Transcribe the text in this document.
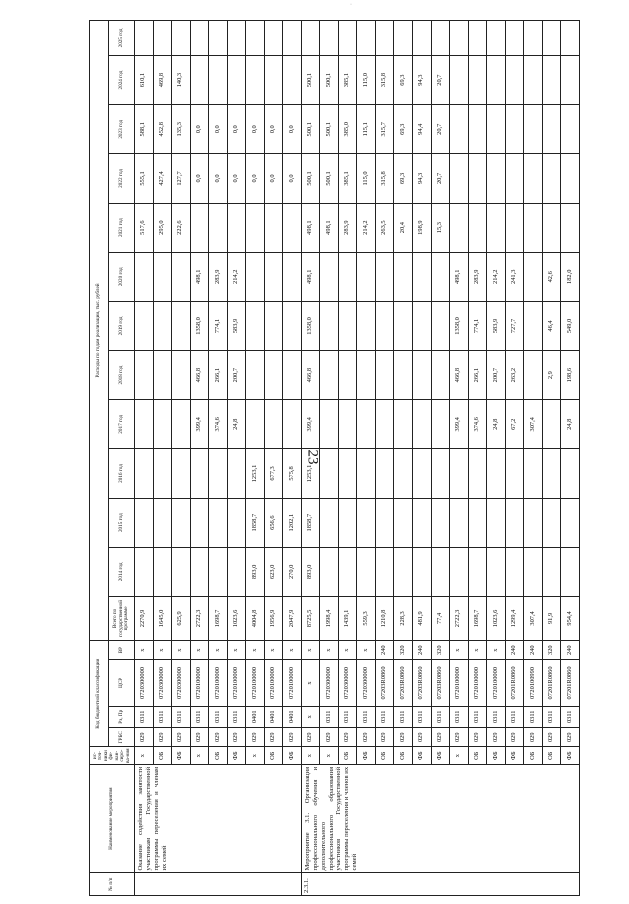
23
·
№ п/п	Наименование мероприятия	ис-точ-ники фи-нан-сиро-ва-ния	Код бюджетной классификации				Расходы по годам реализации, тыс. рублей												
			ГРБС	Рз, Пр	ЦСР	ВР	Всего по государственной программе	2014 год	2015 год	2016 год	2017 год	2018 год	2019 год	2020 год	2021 год	2022 год	2023 год	2024 год	2025 год
	Оказание содействия занятости участникам Государственной программы переселения и членам их семей	х	029	0311	0720300000	х	2270,9								517,6	555,1	588,1	610,1	
		ОБ	029	0311	0720300000	х	1645,0								295,0	427,4	452,8	469,8	
		ФБ	029	0311	0720300000	х	625,9								222,6	127,7	135,3	140,3	
		х	029	0311	0720100000	х	2722,3				399,4	466,8	1358,0	498,1		0,0	0,0		
		ОБ	029	0311	0720100000	х	1698,7				374,6	266,1	774,1	283,9		0,0	0,0		
		ФБ	029	0311	0720100000	х	1023,6				24,8	200,7	583,9	214,2		0,0	0,0		
		х	029	0401	0720100000	х	4004,8	893,0	1858,7	1253,1						0,0	0,0		
		ОБ	029	0401	0720100000	х	1956,9	623,0	656,6	677,3						0,0	0,0		
		ФБ	029	0401	0720100000	х	2047,9	270,0	1202,1	575,8						0,0	0,0		
2.3.1.	Мероприятие 3.1. Организация профессионального обучения и дополнительного профессионального образования участников Государственной программы переселения и членов их семей	х	029	х	х	х	8725,5	893,0	1858,7	1253,1	399,4	466,8	1358,0	498,1	498,1	500,1	500,1	500,1	
		х	029	0311	0720300000	х	1998,4								498,1	500,1	500,1	500,1	
		ОБ	029	0311	0720300000	х	1439,1								283,9	385,1	385,0	385,1	
		ФБ	029	0311	0720300000	х	559,3								214,2	115,0	115,1	115,0	
		ОБ	029	0311	07203R0860	240	1210,8								263,5	315,8	315,7	315,8	
		ОБ	029	0311	07203R0860	320	228,3								20,4	69,3	69,3	69,3	
		ФБ	029	0311	07203R0860	240	481,9								198,9	94,3	94,4	94,3	
		ФБ	029	0311	07203R0860	320	77,4								15,3	20,7	20,7	20,7	
		х	029	0311	0720100000	х	2722,3				399,4	466,8	1358,0	498,1					
		ОБ	029	0311	0720100000	х	1698,7				374,6	266,1	774,1	283,9					
		ФБ	029	0311	0720100000	х	1023,6				24,8	200,7	583,9	214,2					
		ФБ	029	0311	07201R0860	240	1299,4				67,2	263,2	727,7	241,3					
		ОБ	029	0311	0720100990	240	307,4				307,4								
		ОБ	029	0311	07201R0860	320	91,9					2,9	46,4	42,6					
		ФБ	029	0311	07201R0860	240	954,4				24,8	198,6	549,0	182,0					
